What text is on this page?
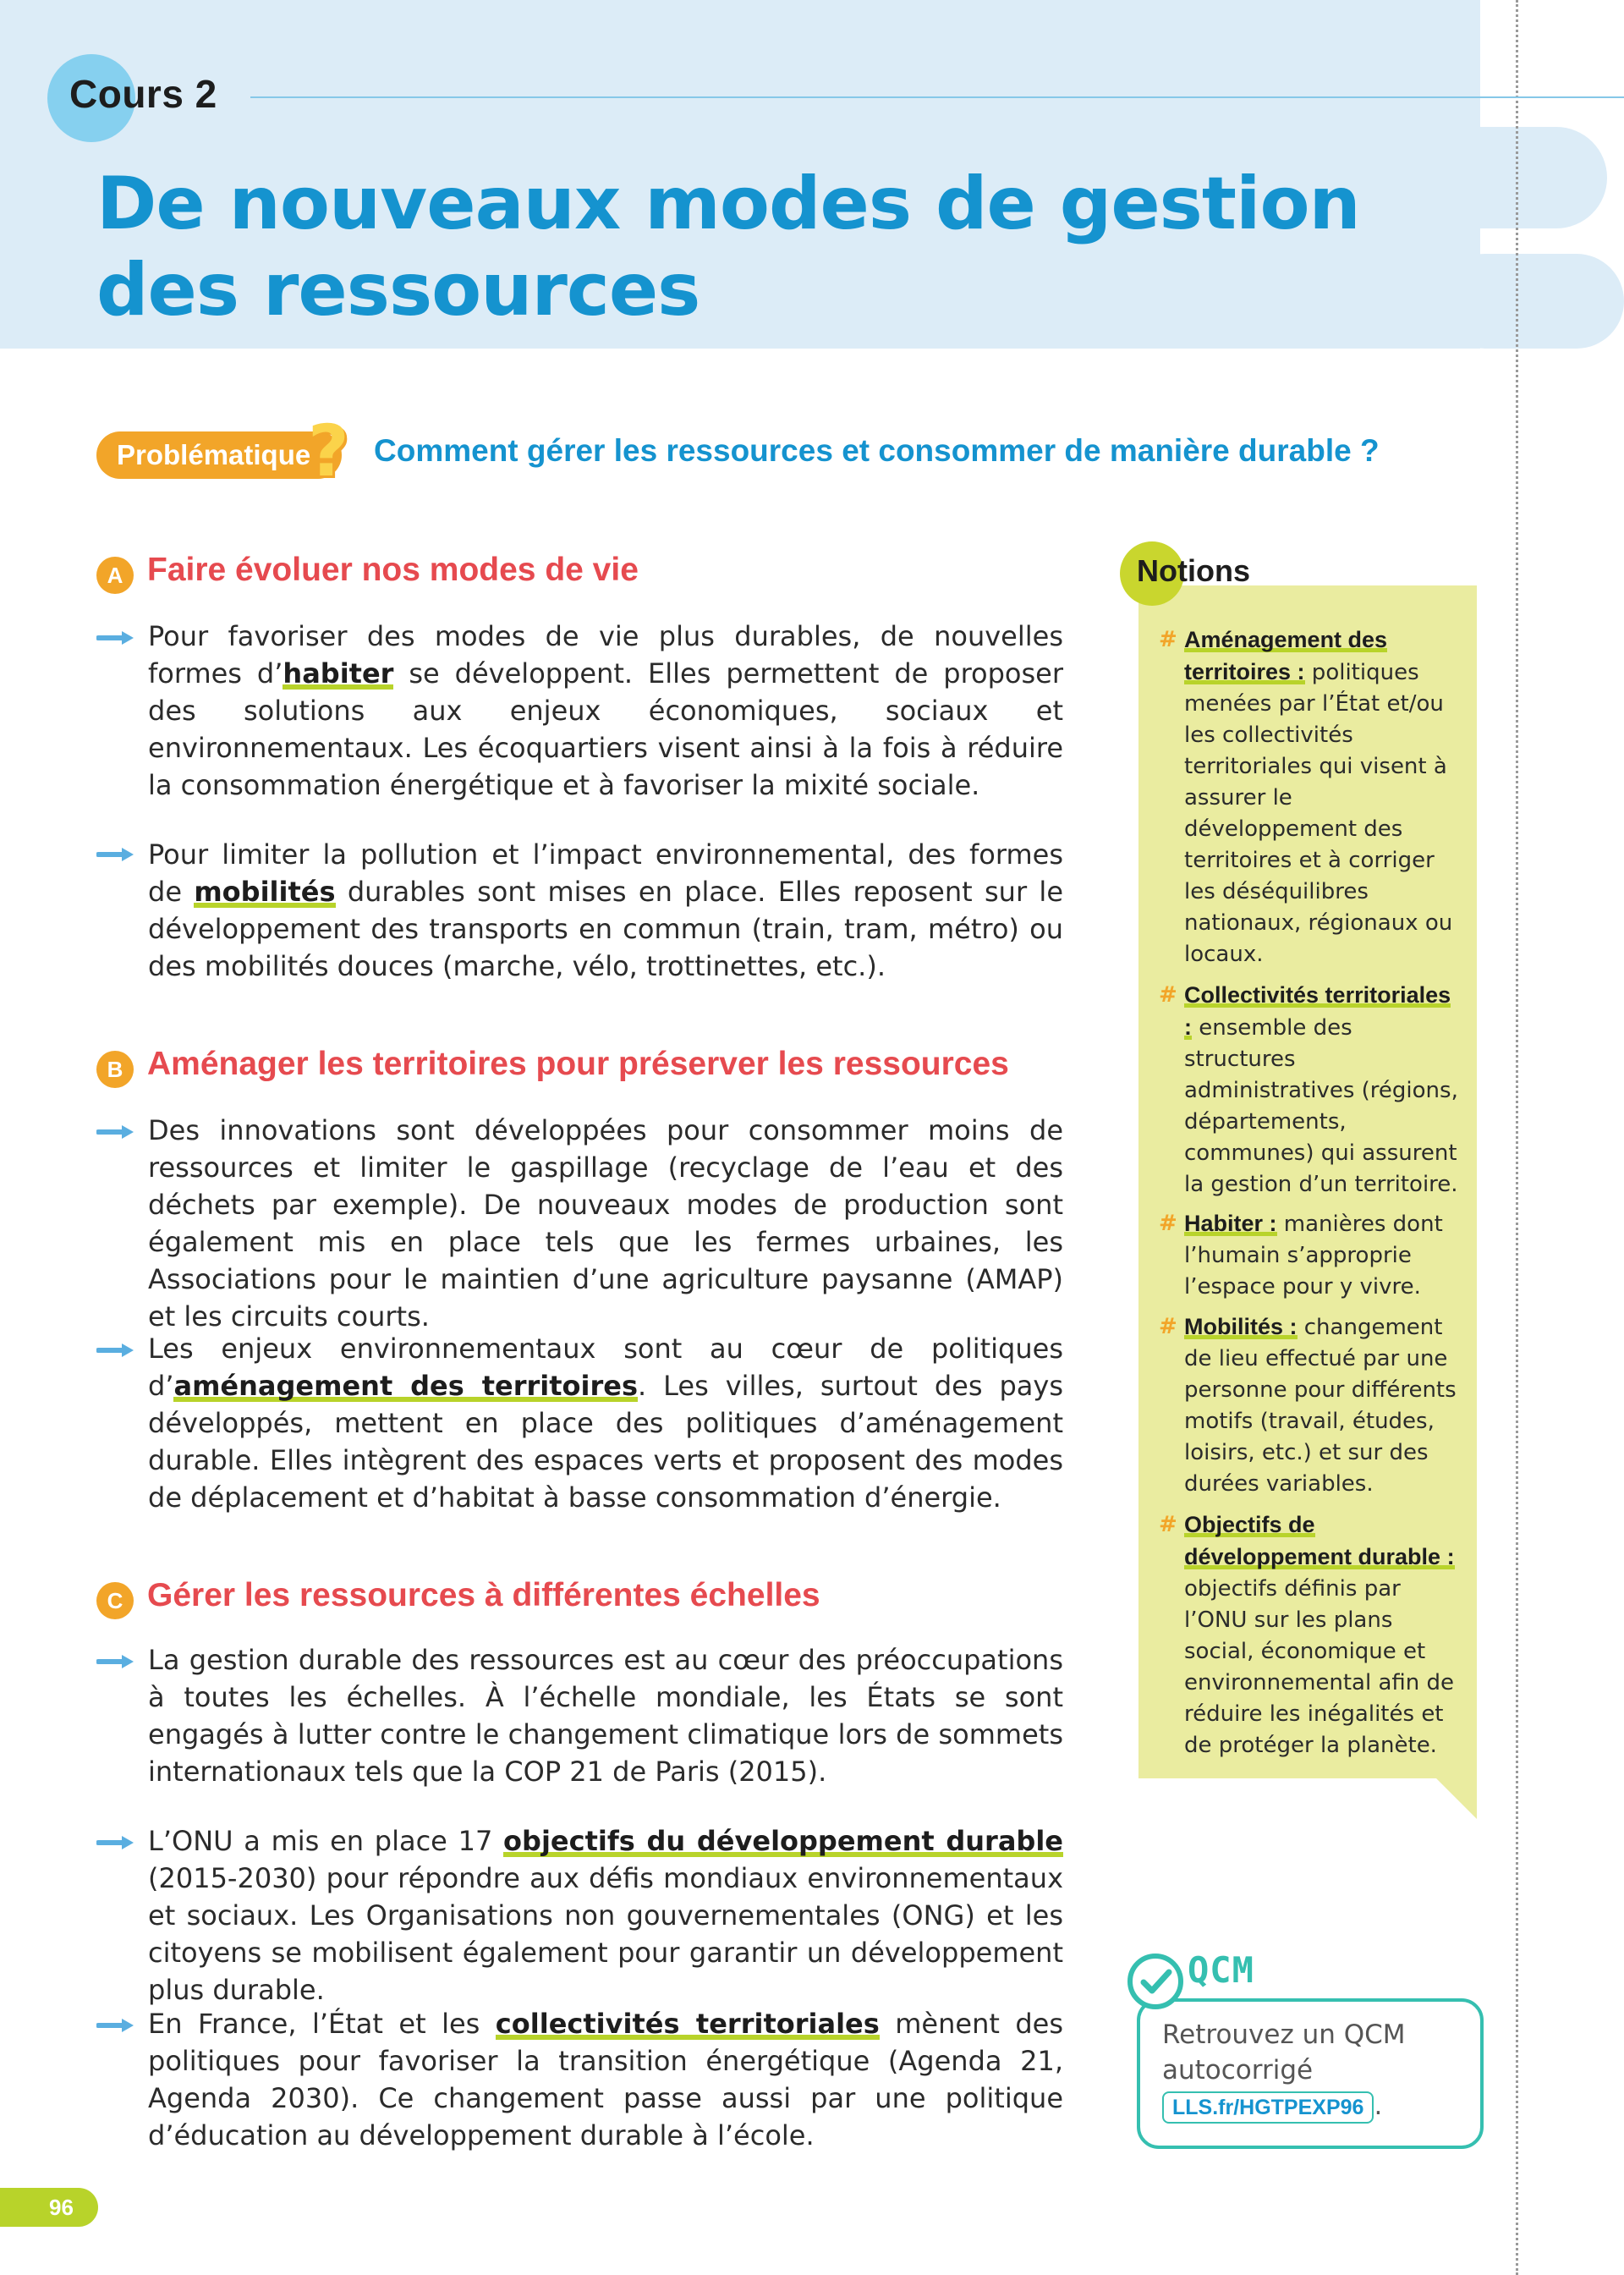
Cours 2
De nouveaux modes de gestion des ressources
Problématique
? Comment gérer les ressources et consommer de manière durable ?
A Faire évoluer nos modes de vie

Pour favoriser des modes de vie plus durables, de nouvelles formes d’habiter se développent. Elles permettent de proposer des solutions aux enjeux économiques, sociaux et environnementaux. Les écoquartiers visent ainsi à la fois à réduire la consommation énergétique et à favoriser la mixité sociale.

Pour limiter la pollution et l’impact environnemental, des formes de mobilités durables sont mises en place. Elles reposent sur le développement des transports en commun (train, tram, métro) ou des mobilités douces (marche, vélo, trottinettes, etc.).

B Aménager les territoires pour préserver les ressources

Des innovations sont développées pour consommer moins de ressources et limiter le gaspillage (recyclage de l’eau et des déchets par exemple). De nouveaux modes de production sont également mis en place tels que les fermes urbaines, les Associations pour le maintien d’une agriculture paysanne (AMAP) et les circuits courts.

Les enjeux environnementaux sont au cœur de politiques d’aménagement des territoires. Les villes, surtout des pays développés, mettent en place des politiques d’aménagement durable. Elles intègrent des espaces verts et proposent des modes de déplacement et d’habitat à basse consommation d’énergie.

C Gérer les ressources à différentes échelles

La gestion durable des ressources est au cœur des préoccupations à toutes les échelles. À l’échelle mondiale, les États se sont engagés à lutter contre le changement climatique lors de sommets internationaux tels que la COP 21 de Paris (2015).

L’ONU a mis en place 17 objectifs du développement durable (2015-2030) pour répondre aux défis mondiaux environnementaux et sociaux. Les Organisations non gouvernementales (ONG) et les citoyens se mobilisent également pour garantir un développement plus durable.

En France, l’État et les collectivités territoriales mènent des politiques pour favoriser la transition énergétique (Agenda 21, Agenda 2030). Ce changement passe aussi par une politique d’éducation au développement durable à l’école.

Notions

# Aménagement des territoires : politiques menées par l’État et/ou les collectivités territoriales qui visent à assurer le développement des territoires et à corriger les déséquilibres nationaux, régionaux ou locaux.

# Collectivités territoriales : ensemble des structures administratives (régions, départements, communes) qui assurent la gestion d’un territoire.

# Habiter : manières dont l’humain s’approprie l’espace pour y vivre.

# Mobilités : changement de lieu effectué par une personne pour différents motifs (travail, études, loisirs, etc.) et sur des durées variables.

# Objectifs de développement durable : objectifs définis par l’ONU sur les plans social, économique et environnemental afin de réduire les inégalités et de protéger la planète.

QCM

Retrouvez un QCM autocorrigé
LLS.fr/HGTPEXP96 .

96
